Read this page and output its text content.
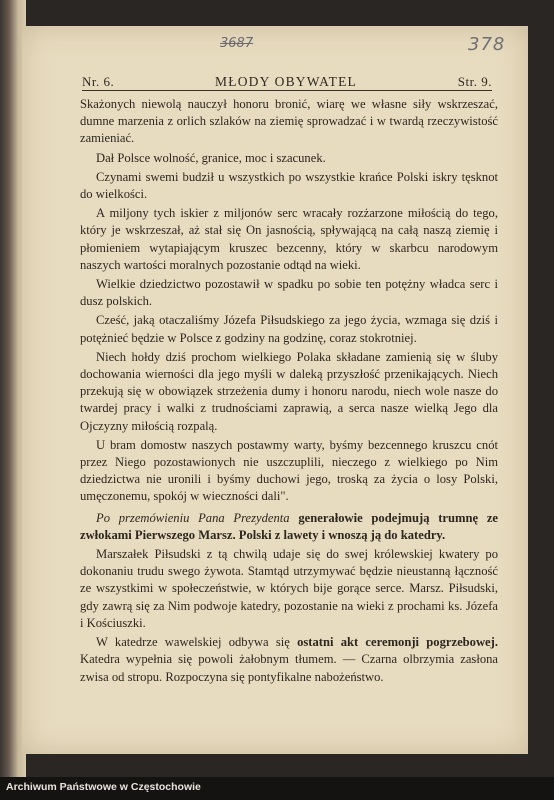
3687	378
Nr. 6.	MŁODY OBYWATEL	Str. 9.

Skażonych niewolą nauczył honoru bronić, wiarę we własne siły wskrzeszać, dumne marzenia z orlich szlaków na ziemię sprowadzać i w twardą rzeczywistość zamieniać.

Dał Polsce wolność, granice, moc i szacunek.

Czynami swemi budził u wszystkich po wszystkie krańce Polski iskry tęsknot do wielkości.

A miljony tych iskier z miljonów serc wracały rozżarzone miłością do tego, który je wskrzeszał, aż stał się On jasnością, spływającą na całą naszą ziemię i płomieniem wytapiającym kruszec bezcenny, który w skarbcu narodowym naszych wartości moralnych pozostanie odtąd na wieki.

Wielkie dziedzictwo pozostawił w spadku po sobie ten potężny władca serc i dusz polskich.

Cześć, jaką otaczaliśmy Józefa Piłsudskiego za jego życia, wzmaga się dziś i potężnieć będzie w Polsce z godziny na godzinę, coraz stokrotniej.

Niech hołdy dziś prochom wielkiego Polaka składane zamienią się w śluby dochowania wierności dla jego myśli w daleką przyszłość przenikających. Niech przekują się w obowiązek strzeżenia dumy i honoru narodu, niech wole nasze do twardej pracy i walki z trudnościami zaprawią, a serca nasze wielką Jego dla Ojczyzny miłością rozpalą.

U bram domostw naszych postawmy warty, byśmy bezcennego kruszcu cnót przez Niego pozostawionych nie uszczuplili, nieczego z wielkiego po Nim dziedzictwa nie uronili i byśmy duchowi jego, troską za życia o losy Polski, umęczonemu, spokój w wieczności dali".

Po przemówieniu Pana Prezydenta generałowie podejmują trumnę ze zwłokami Pierwszego Marsz. Polski z lawety i wnoszą ją do katedry.

Marszałek Piłsudski z tą chwilą udaje się do swej królewskiej kwatery po dokonaniu trudu swego żywota. Stamtąd utrzymywać będzie nieustanną łączność ze wszystkimi w społeczeństwie, w których bije gorące serce. Marsz. Piłsudski, gdy zawrą się za Nim podwoje katedry, pozostanie na wieki z prochami ks. Józefa i Kościuszki.

W katedrze wawelskiej odbywa się ostatni akt ceremonji pogrzebowej. Katedra wypełnia się powoli żałobnym tłumem. — Czarna olbrzymia zasłona zwisa od stropu. Rozpoczyna się pontyfikalne nabożeństwo.

Archiwum Państwowe w Częstochowie
